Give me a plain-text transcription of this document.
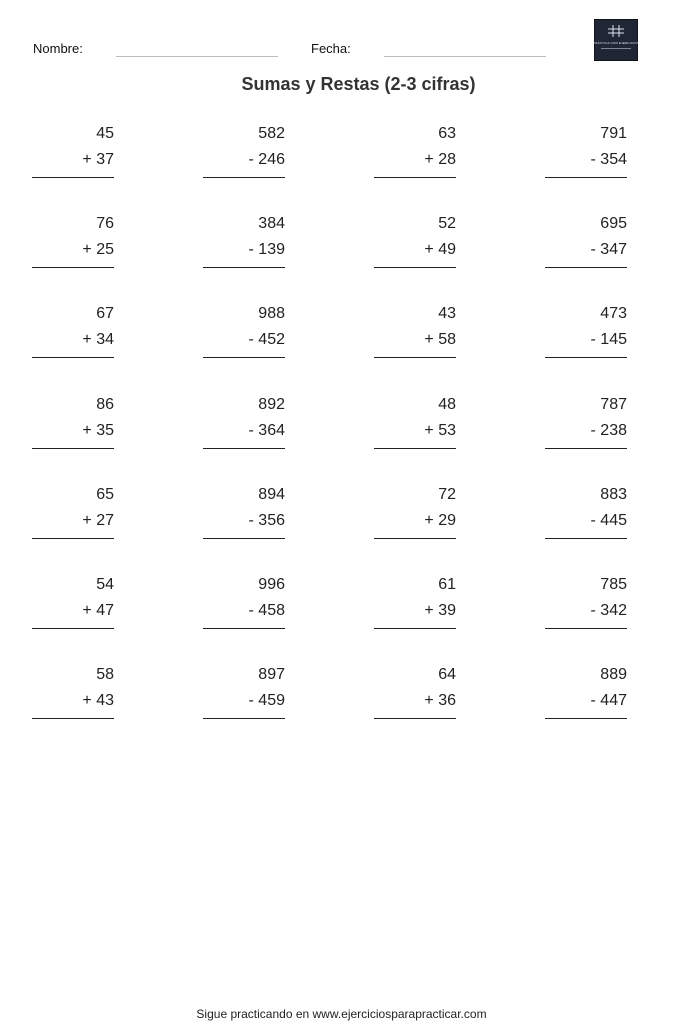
Nombre:	Fecha:	PRÁCTICA CON EJERCICIOS
Sumas y Restas (2-3 cifras)
45
+ 37
582
- 246
63
+ 28
791
- 354
76
+ 25
384
- 139
52
+ 49
695
- 347
67
+ 34
988
- 452
43
+ 58
473
- 145
86
+ 35
892
- 364
48
+ 53
787
- 238
65
+ 27
894
- 356
72
+ 29
883
- 445
54
+ 47
996
- 458
61
+ 39
785
- 342
58
+ 43
897
- 459
64
+ 36
889
- 447
Sigue practicando en www.ejerciciosparapracticar.com
